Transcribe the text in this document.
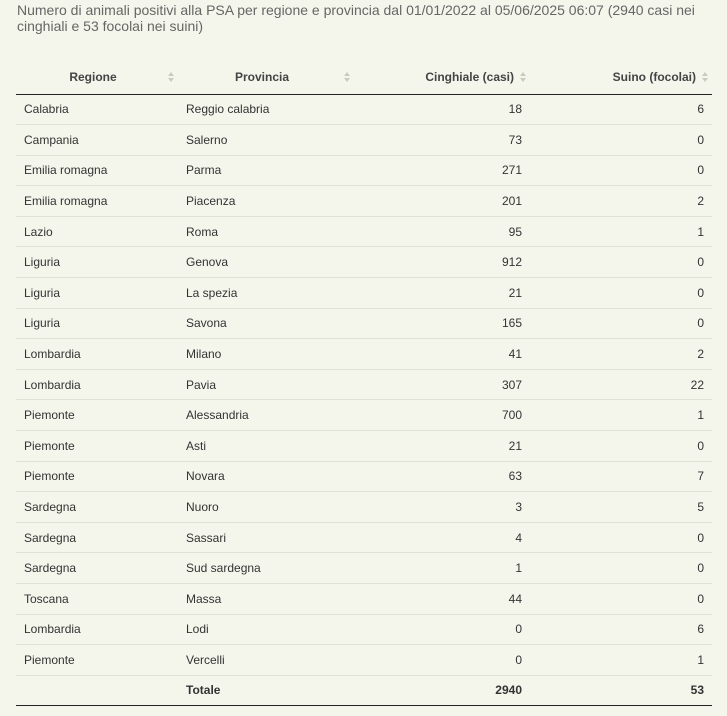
Numero di animali positivi alla PSA per regione e provincia dal 01/01/2022 al 05/06/2025 06:07 (2940 casi nei cinghiali e 53 focolai nei suini)
Regione	Provincia	Cinghiale (casi)	Suino (focolai)

Calabria	Reggio calabria	18	6
Campania	Salerno	73	0
Emilia romagna	Parma	271	0
Emilia romagna	Piacenza	201	2
Lazio	Roma	95	1
Liguria	Genova	912	0
Liguria	La spezia	21	0
Liguria	Savona	165	0
Lombardia	Milano	41	2
Lombardia	Pavia	307	22
Piemonte	Alessandria	700	1
Piemonte	Asti	21	0
Piemonte	Novara	63	7
Sardegna	Nuoro	3	5
Sardegna	Sassari	4	0
Sardegna	Sud sardegna	1	0
Toscana	Massa	44	0
Lombardia	Lodi	0	6
Piemonte	Vercelli	0	1
	Totale	2940	53
